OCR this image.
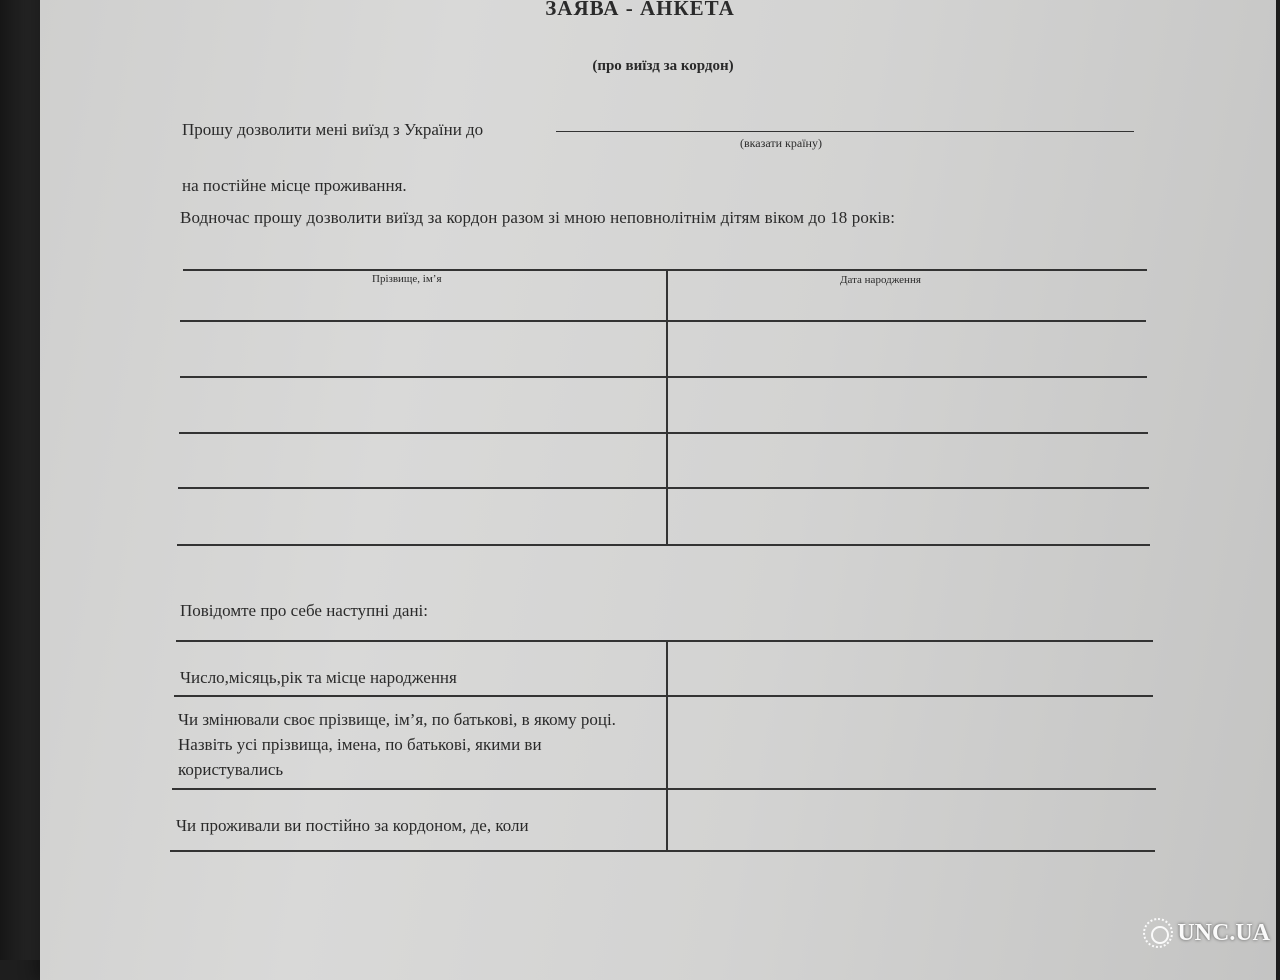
ЗАЯВА - АНКЕТА
(про виїзд за кордон)
Прошу дозволити мені виїзд з України до
(вказати країну)
на постійне місце проживання.
Водночас прошу дозволити виїзд за кордон разом зі мною неповнолітнім дітям віком до 18 років:
Прізвище, ім’я	Дата народження
Повідомте про себе наступні дані:
Число,місяць,рік та місце народження
Чи змінювали своє прізвище, ім’я, по батькові, в якому році. Назвіть усі прізвища, імена, по батькові, якими ви користувались
Чи проживали ви постійно за кордоном, де, коли
UNC.UA
